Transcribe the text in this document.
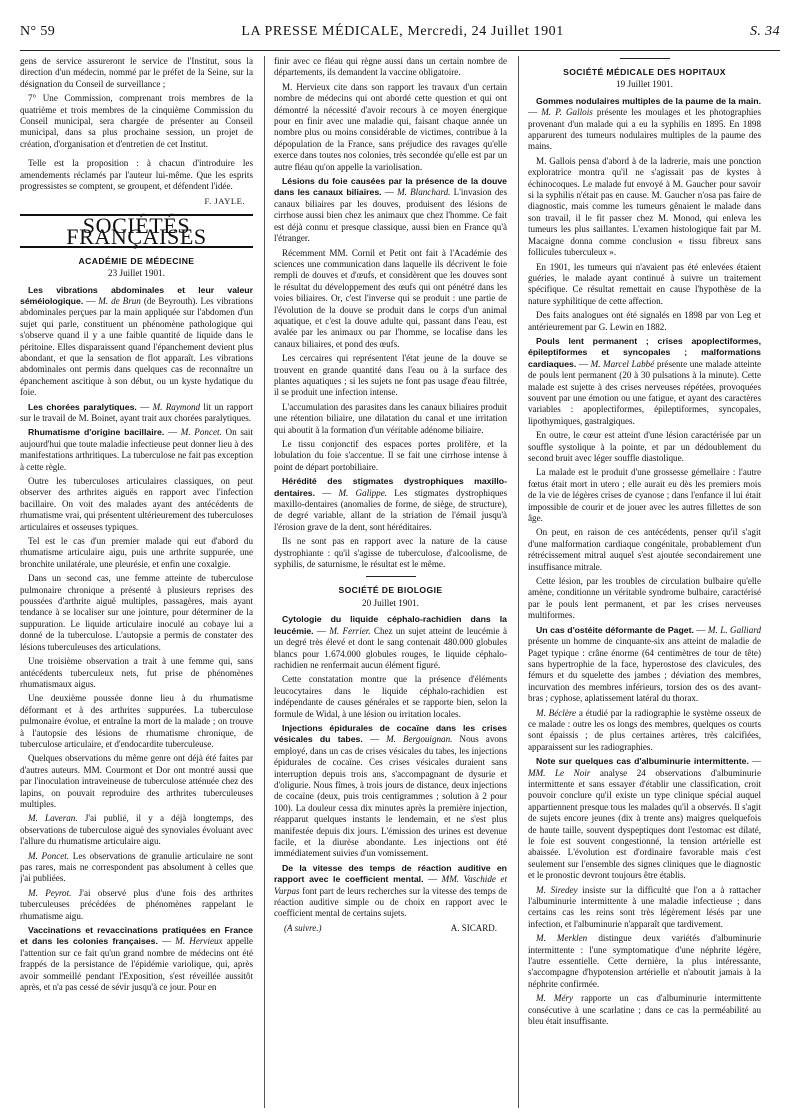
N° 59	LA PRESSE MÉDICALE, Mercredi, 24 Juillet 1901	S. 34

gens de service assureront le service de l'Institut, sous la direction d'un médecin, nommé par le préfet de la Seine, sur la désignation du Conseil de surveillance ;

7° Une Commission, comprenant trois membres de la quatrième et trois membres de la cinquième Commission du Conseil municipal, sera chargée de présenter au Conseil municipal, dans sa plus prochaine session, un projet de création, d'organisation et d'entretien de cet Institut.

Telle est la proposition : à chacun d'introduire les amendements réclamés par l'auteur lui-même. Que les esprits progressistes se comptent, se groupent, et défendent l'idée.

F. JAYLE.
SOCIÉTÉS FRANÇAISES
ACADÉMIE DE MÉDECINE
23 Juillet 1901.

Les vibrations abdominales et leur valeur séméiologique. — M. de Brun (de Beyrouth). Les vibrations abdominales perçues par la main appliquée sur l'abdomen d'un sujet qui parle, constituent un phénomène pathologique qui s'observe quand il y a une faible quantité de liquide dans le péritoine. Elles disparaissent quand l'épanchement devient plus abondant, et que la sensation de flot apparaît. Les vibrations abdominales ont permis dans quelques cas de reconnaître un épanchement ascitique à son début, ou un kyste hydatique du foie.

Les chorées paralytiques. — M. Raymond lit un rapport sur le travail de M. Boinet, ayant trait aux chorées paralytiques.

Rhumatisme d'origine bacillaire. — M. Poncet. On sait aujourd'hui que toute maladie infectieuse peut donner lieu à des manifestations arthritiques. La tuberculose ne fait pas exception à cette règle.

Outre les tuberculoses articulaires classiques, on peut observer des arthrites aiguës en rapport avec l'infection bacillaire. On voit des malades ayant des antécédents de rhumatisme vrai, qui présentent ultérieurement des tuberculoses articulaires et osseuses typiques.

Tel est le cas d'un premier malade qui eut d'abord du rhumatisme articulaire aigu, puis une arthrite suppurée, une bronchite unilatérale, une pleurésie, et enfin une coxalgie.

Dans un second cas, une femme atteinte de tuberculose pulmonaire chronique a présenté à plusieurs reprises des poussées d'arthrite aiguë multiples, passagères, mais ayant tendance à se localiser sur une jointure, pour déterminer de la suppuration. Le liquide articulaire inoculé au cobaye lui a donné de la tuberculose. L'autopsie a permis de constater des lésions tuberculeuses des articulations.

Une troisième observation a trait à une femme qui, sans antécédents tuberculeux nets, fut prise de phénomènes rhumatismaux aigus.

Une deuxième poussée donne lieu à du rhumatisme déformant et à des arthrites suppurées. La tuberculose pulmonaire évolue, et entraîne la mort de la malade ; on trouve à l'autopsie des lésions de rhumatisme chronique, de tuberculose articulaire, et d'endocardite tuberculeuse.

Quelques observations du même genre ont déjà été faites par d'autres auteurs. MM. Courmont et Dor ont montré aussi que par l'inoculation intraveineuse de tuberculose atténuée chez des lapins, on pouvait reproduire des arthrites tuberculeuses multiples.

M. Laveran. J'ai publié, il y a déjà longtemps, des observations de tuberculose aiguë des synoviales évoluant avec l'allure du rhumatisme articulaire aigu.

M. Poncet. Les observations de granulie articulaire ne sont pas rares, mais ne correspondent pas absolument à celles que j'ai publiées.

M. Peyrot. J'ai observé plus d'une fois des arthrites tuberculeuses précédées de phénomènes rappelant le rhumatisme aigu.

Vaccinations et revaccinations pratiquées en France et dans les colonies françaises. — M. Hervieux appelle l'attention sur ce fait qu'un grand nombre de médecins ont été frappés de la persistance de l'épidémie variolique, qui, après avoir sommeillé pendant l'Exposition, s'est réveillée aussitôt après, et n'a pas cessé de sévir jusqu'à ce jour. Pour en

finir avec ce fléau qui règne aussi dans un certain nombre de départements, ils demandent la vaccine obligatoire.

M. Hervieux cite dans son rapport les travaux d'un certain nombre de médecins qui ont abordé cette question et qui ont démontré la nécessité d'avoir recours à ce moyen énergique pour en finir avec une maladie qui, faisant chaque année un nombre plus ou moins considérable de victimes, contribue à la dépopulation de la France, sans préjudice des ravages qu'elle exerce dans toutes nos colonies, très secondée qu'elle est par un autre fléau qu'on appelle la variolisation.

Lésions du foie causées par la présence de la douve dans les canaux biliaires. — M. Blanchard. L'invasion des canaux biliaires par les douves, produisent des lésions de cirrhose aussi bien chez les animaux que chez l'homme. Ce fait est déjà connu et presque classique, aussi bien en France qu'à l'étranger.

Récemment MM. Cornil et Petit ont fait à l'Académie des sciences une communication dans laquelle ils décrivent le foie rempli de douves et d'œufs, et considèrent que les douves sont le résultat du développement des œufs qui ont pénétré dans les voies biliaires. Or, c'est l'inverse qui se produit : une partie de l'évolution de la douve se produit dans le corps d'un animal aquatique, et c'est la douve adulte qui, passant dans l'eau, est avalée par les animaux ou par l'homme, se localise dans les canaux biliaires, et pond des œufs.

Les cercaires qui représentent l'état jeune de la douve se trouvent en grande quantité dans l'eau ou à la surface des plantes aquatiques ; si les sujets ne font pas usage d'eau filtrée, il se produit une infection intense.

L'accumulation des parasites dans les canaux biliaires produit une rétention biliaire, une dilatation du canal et une irritation qui aboutit à la formation d'un véritable adénome biliaire.

Le tissu conjonctif des espaces portes prolifère, et la lobulation du foie s'accentue. Il se fait une cirrhose intense à point de départ portobiliaire.

Hérédité des stigmates dystrophiques maxillo-dentaires. — M. Galippe. Les stigmates dystrophiques maxillo-dentaires (anomalies de forme, de siège, de structure), de degré variable, allant de la striation de l'émail jusqu'à l'érosion grave de la dent, sont héréditaires.

Ils ne sont pas en rapport avec la nature de la cause dystrophiante : qu'il s'agisse de tuberculose, d'alcoolisme, de syphilis, de saturnisme, le résultat est le même.

SOCIÉTÉ DE BIOLOGIE
20 Juillet 1901.

Cytologie du liquide céphalo-rachidien dans la leucémie. — M. Ferrier. Chez un sujet atteint de leucémie à un degré très élevé et dont le sang contenait 480.000 globules blancs pour 1.674.000 globules rouges, le liquide céphalo-rachidien ne renfermait aucun élément figuré.

Cette constatation montre que la présence d'éléments leucocytaires dans le liquide céphalo-rachidien est indépendante de causes générales et se rapporte bien, selon la formule de Widal, à une lésion ou irritation locales.

Injections épidurales de cocaïne dans les crises vésicales du tabes. — M. Bergouignan. Nous avons employé, dans un cas de crises vésicales du tabes, les injections épidurales de cocaïne. Ces crises vésicales duraient sans interruption depuis trois ans, s'accompagnant de dysurie et d'oligurie. Nous fîmes, à trois jours de distance, deux injections de cocaïne (deux, puis trois centigrammes ; solution à 2 pour 100). La douleur cessa dix minutes après la première injection, réapparut quelques instants le lendemain, et ne s'est plus manifestée depuis dix jours. L'émission des urines est devenue facile, et la diurèse abondante. Les injections ont été immédiatement suivies d'un vomissement.

De la vitesse des temps de réaction auditive en rapport avec le coefficient mental. — MM. Vaschide et Vurpas font part de leurs recherches sur la vitesse des temps de réaction auditive simple ou de choix en rapport avec le coefficient mental de certains sujets.

(A suivre.)	A. SICARD.
SOCIÉTÉ MÉDICALE DES HOPITAUX
19 Juillet 1901.

Gommes nodulaires multiples de la paume de la main. — M. P. Gallois présente les moulages et les photographies provenant d'un malade qui a eu la syphilis en 1895. En 1898 apparurent des tumeurs nodulaires multiples de la paume des mains.

M. Gallois pensa d'abord à de la ladrerie, mais une ponction exploratrice montra qu'il ne s'agissait pas de kystes à échinocoques. Le malade fut envoyé à M. Gaucher pour savoir si la syphilis n'était pas en cause. M. Gaucher n'osa pas faire de diagnostic, mais comme les tumeurs gênaient le malade dans son travail, il le fit passer chez M. Monod, qui enleva les tumeurs les plus saillantes. L'examen histologique fait par M. Macaigne donna comme conclusion « tissu fibreux sans follicules tuberculeux ».

En 1901, les tumeurs qui n'avaient pas été enlevées étaient guéries, le malade ayant continué à suivre un traitement spécifique. Ce résultat remettait en cause l'hypothèse de la nature syphilitique de cette affection.

Des faits analogues ont été signalés en 1898 par von Leg et antérieurement par G. Lewin en 1882.

Pouls lent permanent ; crises apoplectiformes, épileptiformes et syncopales ; malformations cardiaques. — M. Marcel Labbé présente une malade atteinte de pouls lent permanent (20 à 30 pulsations à la minute). Cette malade est sujette à des crises nerveuses répétées, provoquées souvent par une émotion ou une fatigue, et ayant des caractères variables : apoplectiformes, épileptiformes, syncopales, lipothymiques, gastralgiques.

En outre, le cœur est atteint d'une lésion caractérisée par un souffle systolique à la pointe, et par un dédoublement du second bruit avec léger souffle diastolique.

La malade est le produit d'une grossesse gémellaire : l'autre fœtus était mort in utero ; elle aurait eu dès les premiers mois de la vie de légères crises de cyanose ; dans l'enfance il lui était impossible de courir et de jouer avec les autres fillettes de son âge.

On peut, en raison de ces antécédents, penser qu'il s'agit d'une malformation cardiaque congénitale, probablement d'un rétrécissement mitral auquel s'est ajoutée secondairement une insuffisance mitrale.

Cette lésion, par les troubles de circulation bulbaire qu'elle amène, conditionne un véritable syndrome bulbaire, caractérisé par le pouls lent permanent, et par les crises nerveuses multiformes.

Un cas d'ostéite déformante de Paget. — M. L. Galliard présente un homme de cinquante-six ans atteint de maladie de Paget typique : crâne énorme (64 centimètres de tour de tête) sans hypertrophie de la face, hyperostose des clavicules, des fémurs et du squelette des jambes ; déviation des membres, incurvation des membres inférieurs, torsion des os des avant-bras ; cyphose, aplatissement latéral du thorax.

M. Béclère a étudié par la radiographie le système osseux de ce malade : outre les os longs des membres, quelques os courts sont épaissis ; de plus certaines artères, très calcifiées, apparaissent sur les radiographies.

Note sur quelques cas d'albuminurie intermittente. — MM. Le Noir analyse 24 observations d'albuminurie intermittente et sans essayer d'établir une classification, croit pouvoir conclure qu'il existe un type clinique spécial auquel appartiennent presque tous les malades qu'il a observés. Il s'agit de sujets encore jeunes (dix à trente ans) maigres quelquefois de haute taille, souvent dyspeptiques dont l'estomac est dilaté, le foie est souvent congestionné, la tension artérielle est abaissée. L'évolution est d'ordinaire favorable mais c'est seulement sur l'ensemble des signes cliniques que le diagnostic et le pronostic devront toujours être établis.

M. Siredey insiste sur la difficulté que l'on a à rattacher l'albuminurie intermittente à une maladie infectieuse ; dans certains cas les reins sont très légèrement lésés par une infection, et l'albuminurie n'apparaît que tardivement.

M. Merklen distingue deux variétés d'albuminurie intermittente : l'une symptomatique d'une néphrite légère, l'autre essentielle. Cette dernière, la plus intéressante, s'accompagne d'hypotension artérielle et n'aboutit jamais à la néphrite confirmée.

M. Méry rapporte un cas d'albuminurie intermittente consécutive à une scarlatine ; dans ce cas la perméabilité au bleu était insuffisante.
